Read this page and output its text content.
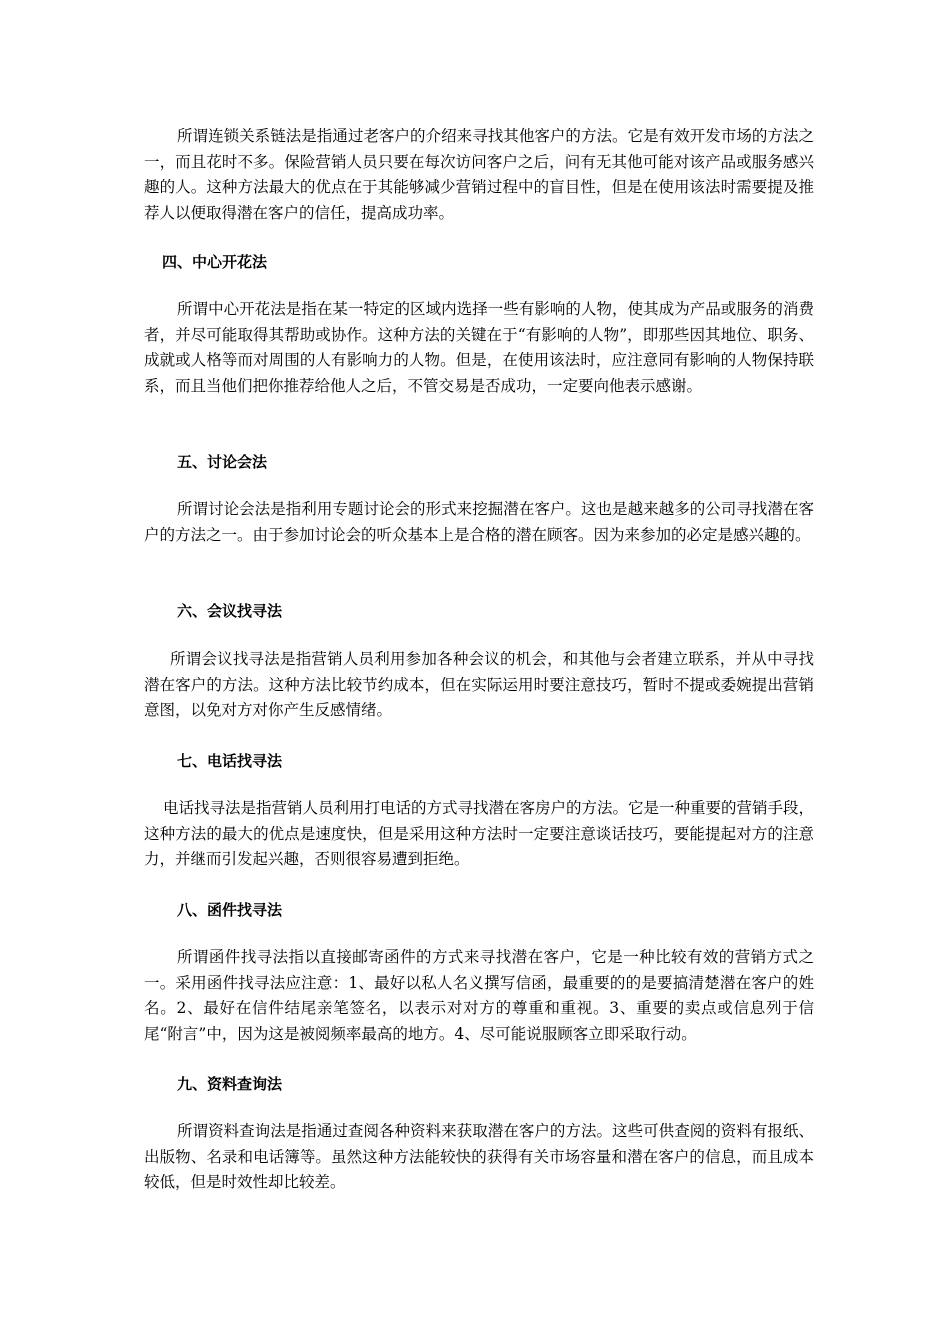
所谓连锁关系链法是指通过老客户的介绍来寻找其他客户的方法。它是有效开发市场的方法之一，而且花时不多。保险营销人员只要在每次访问客户之后，问有无其他可能对该产品或服务感兴趣的人。这种方法最大的优点在于其能够减少营销过程中的盲目性，但是在使用该法时需要提及推荐人以便取得潜在客户的信任，提高成功率。

四、中心开花法

所谓中心开花法是指在某一特定的区域内选择一些有影响的人物，使其成为产品或服务的消费者，并尽可能取得其帮助或协作。这种方法的关键在于“有影响的人物”，即那些因其地位、职务、成就或人格等而对周围的人有影响力的人物。但是，在使用该法时，应注意同有影响的人物保持联系，而且当他们把你推荐给他人之后，不管交易是否成功，一定要向他表示感谢。

五、讨论会法

所谓讨论会法是指利用专题讨论会的形式来挖掘潜在客户。这也是越来越多的公司寻找潜在客户的方法之一。由于参加讨论会的听众基本上是合格的潜在顾客。因为来参加的必定是感兴趣的。

六、会议找寻法

所谓会议找寻法是指营销人员利用参加各种会议的机会，和其他与会者建立联系，并从中寻找潜在客户的方法。这种方法比较节约成本，但在实际运用时要注意技巧，暂时不提或委婉提出营销意图，以免对方对你产生反感情绪。

七、电话找寻法

电话找寻法是指营销人员利用打电话的方式寻找潜在客房户的方法。它是一种重要的营销手段，这种方法的最大的优点是速度快，但是采用这种方法时一定要注意谈话技巧，要能提起对方的注意力，并继而引发起兴趣，否则很容易遭到拒绝。

八、函件找寻法

所谓函件找寻法指以直接邮寄函件的方式来寻找潜在客户，它是一种比较有效的营销方式之一。采用函件找寻法应注意：1、最好以私人名义撰写信函，最重要的的是要搞清楚潜在客户的姓名。2、最好在信件结尾亲笔签名，以表示对对方的尊重和重视。3、重要的卖点或信息列于信尾“附言”中，因为这是被阅频率最高的地方。4、尽可能说服顾客立即采取行动。

九、资料查询法

所谓资料查询法是指通过查阅各种资料来获取潜在客户的方法。这些可供查阅的资料有报纸、出版物、名录和电话簿等。虽然这种方法能较快的获得有关市场容量和潜在客户的信息，而且成本较低，但是时效性却比较差。
